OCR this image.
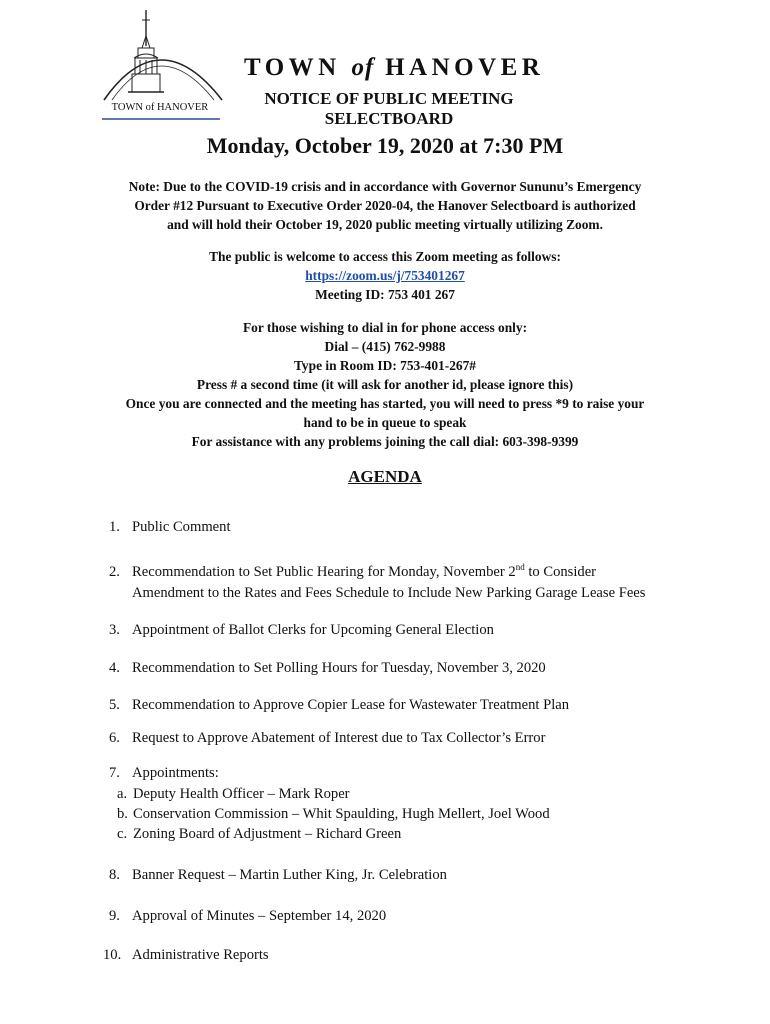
TOWN of HANOVER
TOWN of HANOVER
NOTICE OF PUBLIC MEETING
SELECTBOARD
Monday, October 19, 2020 at 7:30 PM
Note: Due to the COVID-19 crisis and in accordance with Governor Sununu’s Emergency
Order #12 Pursuant to Executive Order 2020-04, the Hanover Selectboard is authorized
and will hold their October 19, 2020 public meeting virtually utilizing Zoom.
The public is welcome to access this Zoom meeting as follows:
https://zoom.us/j/753401267
Meeting ID: 753 401 267
For those wishing to dial in for phone access only:
Dial – (415) 762-9988
Type in Room ID: 753-401-267#
Press # a second time (it will ask for another id, please ignore this)
Once you are connected and the meeting has started, you will need to press *9 to raise your
hand to be in queue to speak
For assistance with any problems joining the call dial: 603-398-9399
AGENDA
1. Public Comment
2. Recommendation to Set Public Hearing for Monday, November 2nd to Consider
Amendment to the Rates and Fees Schedule to Include New Parking Garage Lease Fees
3. Appointment of Ballot Clerks for Upcoming General Election
4. Recommendation to Set Polling Hours for Tuesday, November 3, 2020
5. Recommendation to Approve Copier Lease for Wastewater Treatment Plan
6. Request to Approve Abatement of Interest due to Tax Collector’s Error
7. Appointments:
a. Deputy Health Officer – Mark Roper
b. Conservation Commission – Whit Spaulding, Hugh Mellert, Joel Wood
c. Zoning Board of Adjustment – Richard Green
8. Banner Request – Martin Luther King, Jr. Celebration
9. Approval of Minutes – September 14, 2020
10. Administrative Reports
